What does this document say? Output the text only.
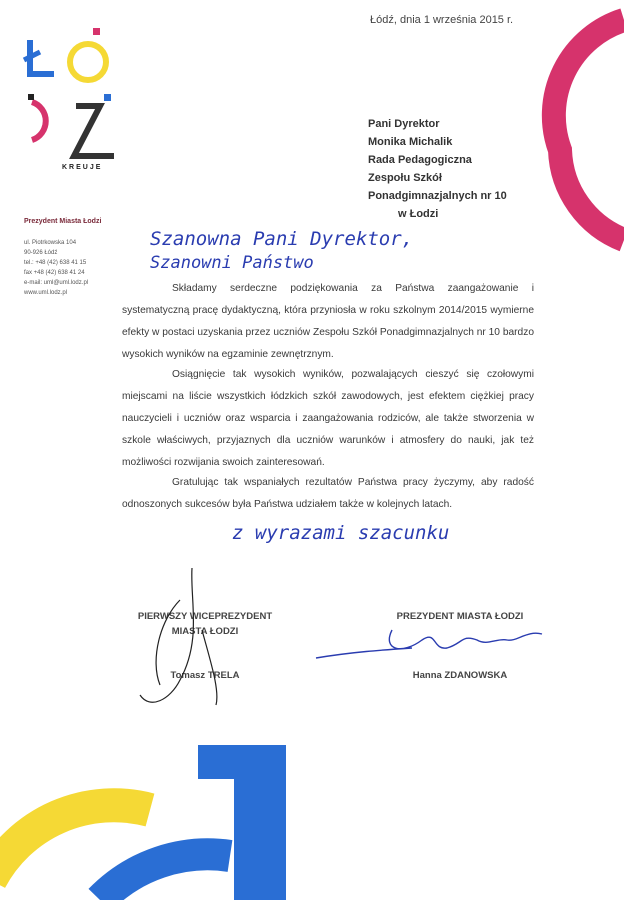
KREUJE
Prezydent Miasta Łodzi
ul. Piotrkowska 104
90-926 Łódź
tel.: +48 (42) 638 41 15
fax +48 (42) 638 41 24
e-mail: uml@uml.lodz.pl
www.uml.lodz.pl
Łódź, dnia 1 września 2015 r.
Pani Dyrektor
Monika Michalik
Rada Pedagogiczna
Zespołu Szkół
Ponadgimnazjalnych nr 10
w Łodzi
Szanowna Pani Dyrektor,
Szanowni Państwo
Składamy serdeczne podziękowania za Państwa zaangażowanie i systematyczną pracę dydaktyczną, która przyniosła w roku szkolnym 2014/2015 wymierne efekty w postaci uzyskania przez uczniów Zespołu Szkół Ponadgimnazjalnych nr 10 bardzo wysokich wyników na egzaminie zewnętrznym.
Osiągnięcie tak wysokich wyników, pozwalających cieszyć się czołowymi miejscami na liście wszystkich łódzkich szkół zawodowych, jest efektem ciężkiej pracy nauczycieli i uczniów oraz wsparcia i zaangażowania rodziców, ale także stworzenia w szkole właściwych, przyjaznych dla uczniów warunków i atmosfery do nauki, jak też możliwości rozwijania swoich zainteresowań.
Gratulując tak wspaniałych rezultatów Państwa pracy życzymy, aby radość odnoszonych sukcesów była Państwa udziałem także w kolejnych latach.
z wyrazami szacunku
PIERWSZY WICEPREZYDENT
MIASTA ŁODZI
Tomasz TRELA
PREZYDENT MIASTA ŁODZI
Hanna ZDANOWSKA
